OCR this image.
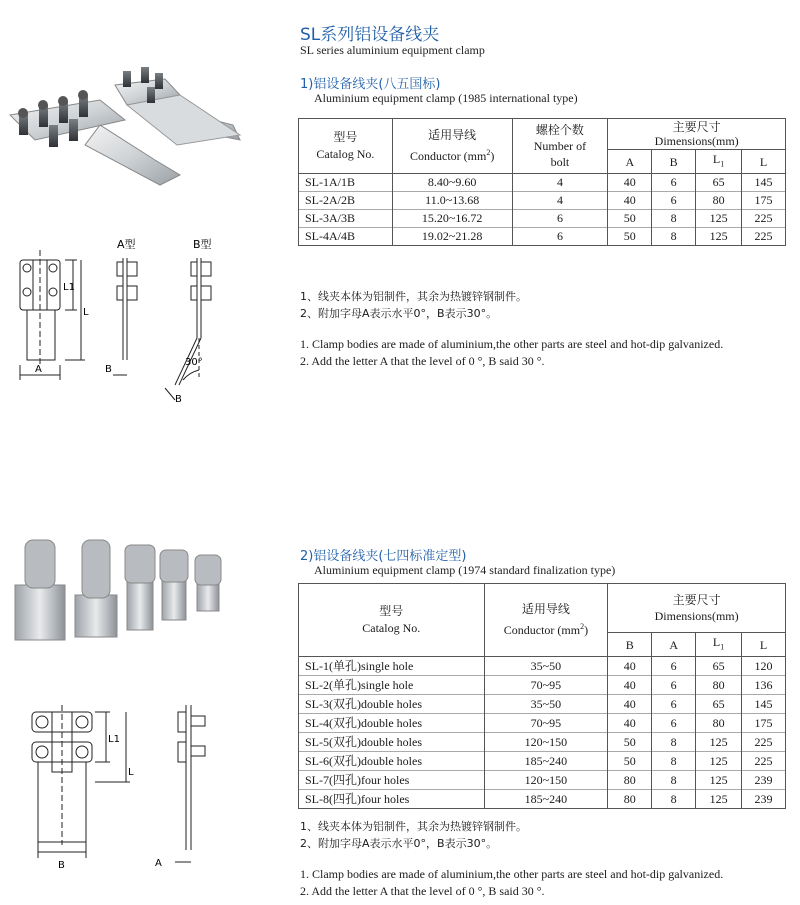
SL系列铝设备线夹
SL series aluminium equipment clamp
A型	B型
L1
L
A	B
30°
B
1)铝设备线夹(八五国标)
Aluminium equipment clamp (1985 international type)
型号
Catalog No.	适用导线
Conductor $(mm^2)$	螺栓个数
Number of
bolt	主要尺寸
Dimensions(mm)			
			A	B	$L_1$	L
SL-1A/1B	8.40~9.60	4	40	6	65	145
SL-2A/2B	11.0~13.68	4	40	6	80	175
SL-3A/3B	15.20~16.72	6	50	8	125	225
SL-4A/4B	19.02~21.28	6	50	8	125	225
1、线夹本体为铝制件，其余为热镀锌钢制件。
2、附加字母A表示水平0°，B表示30°。
1. Clamp bodies are made of aluminium,the other parts are steel and hot-dip galvanized.
2. Add the letter A that the level of 0 °, B said 30 °.
L1
L
A
B
2)铝设备线夹(七四标准定型)
Aluminium equipment clamp (1974 standard finalization type)
型号
Catalog No.	适用导线
Conductor $(mm^2)$	主要尺寸
Dimensions(mm)			
		B	A	$L_1$	L
SL-1(单孔)single hole	35~50	40	6	65	120
SL-2(单孔)single hole	70~95	40	6	80	136
SL-3(双孔)double holes	35~50	40	6	65	145
SL-4(双孔)double holes	70~95	40	6	80	175
SL-5(双孔)double holes	120~150	50	8	125	225
SL-6(双孔)double holes	185~240	50	8	125	225
SL-7(四孔)four holes	120~150	80	8	125	239
SL-8(四孔)four holes	185~240	80	8	125	239
1、线夹本体为铝制件，其余为热镀锌钢制件。
2、附加字母A表示水平0°，B表示30°。
1. Clamp bodies are made of aluminium,the other parts are steel and hot-dip galvanized.
2. Add the letter A that the level of 0 °, B said 30 °.
